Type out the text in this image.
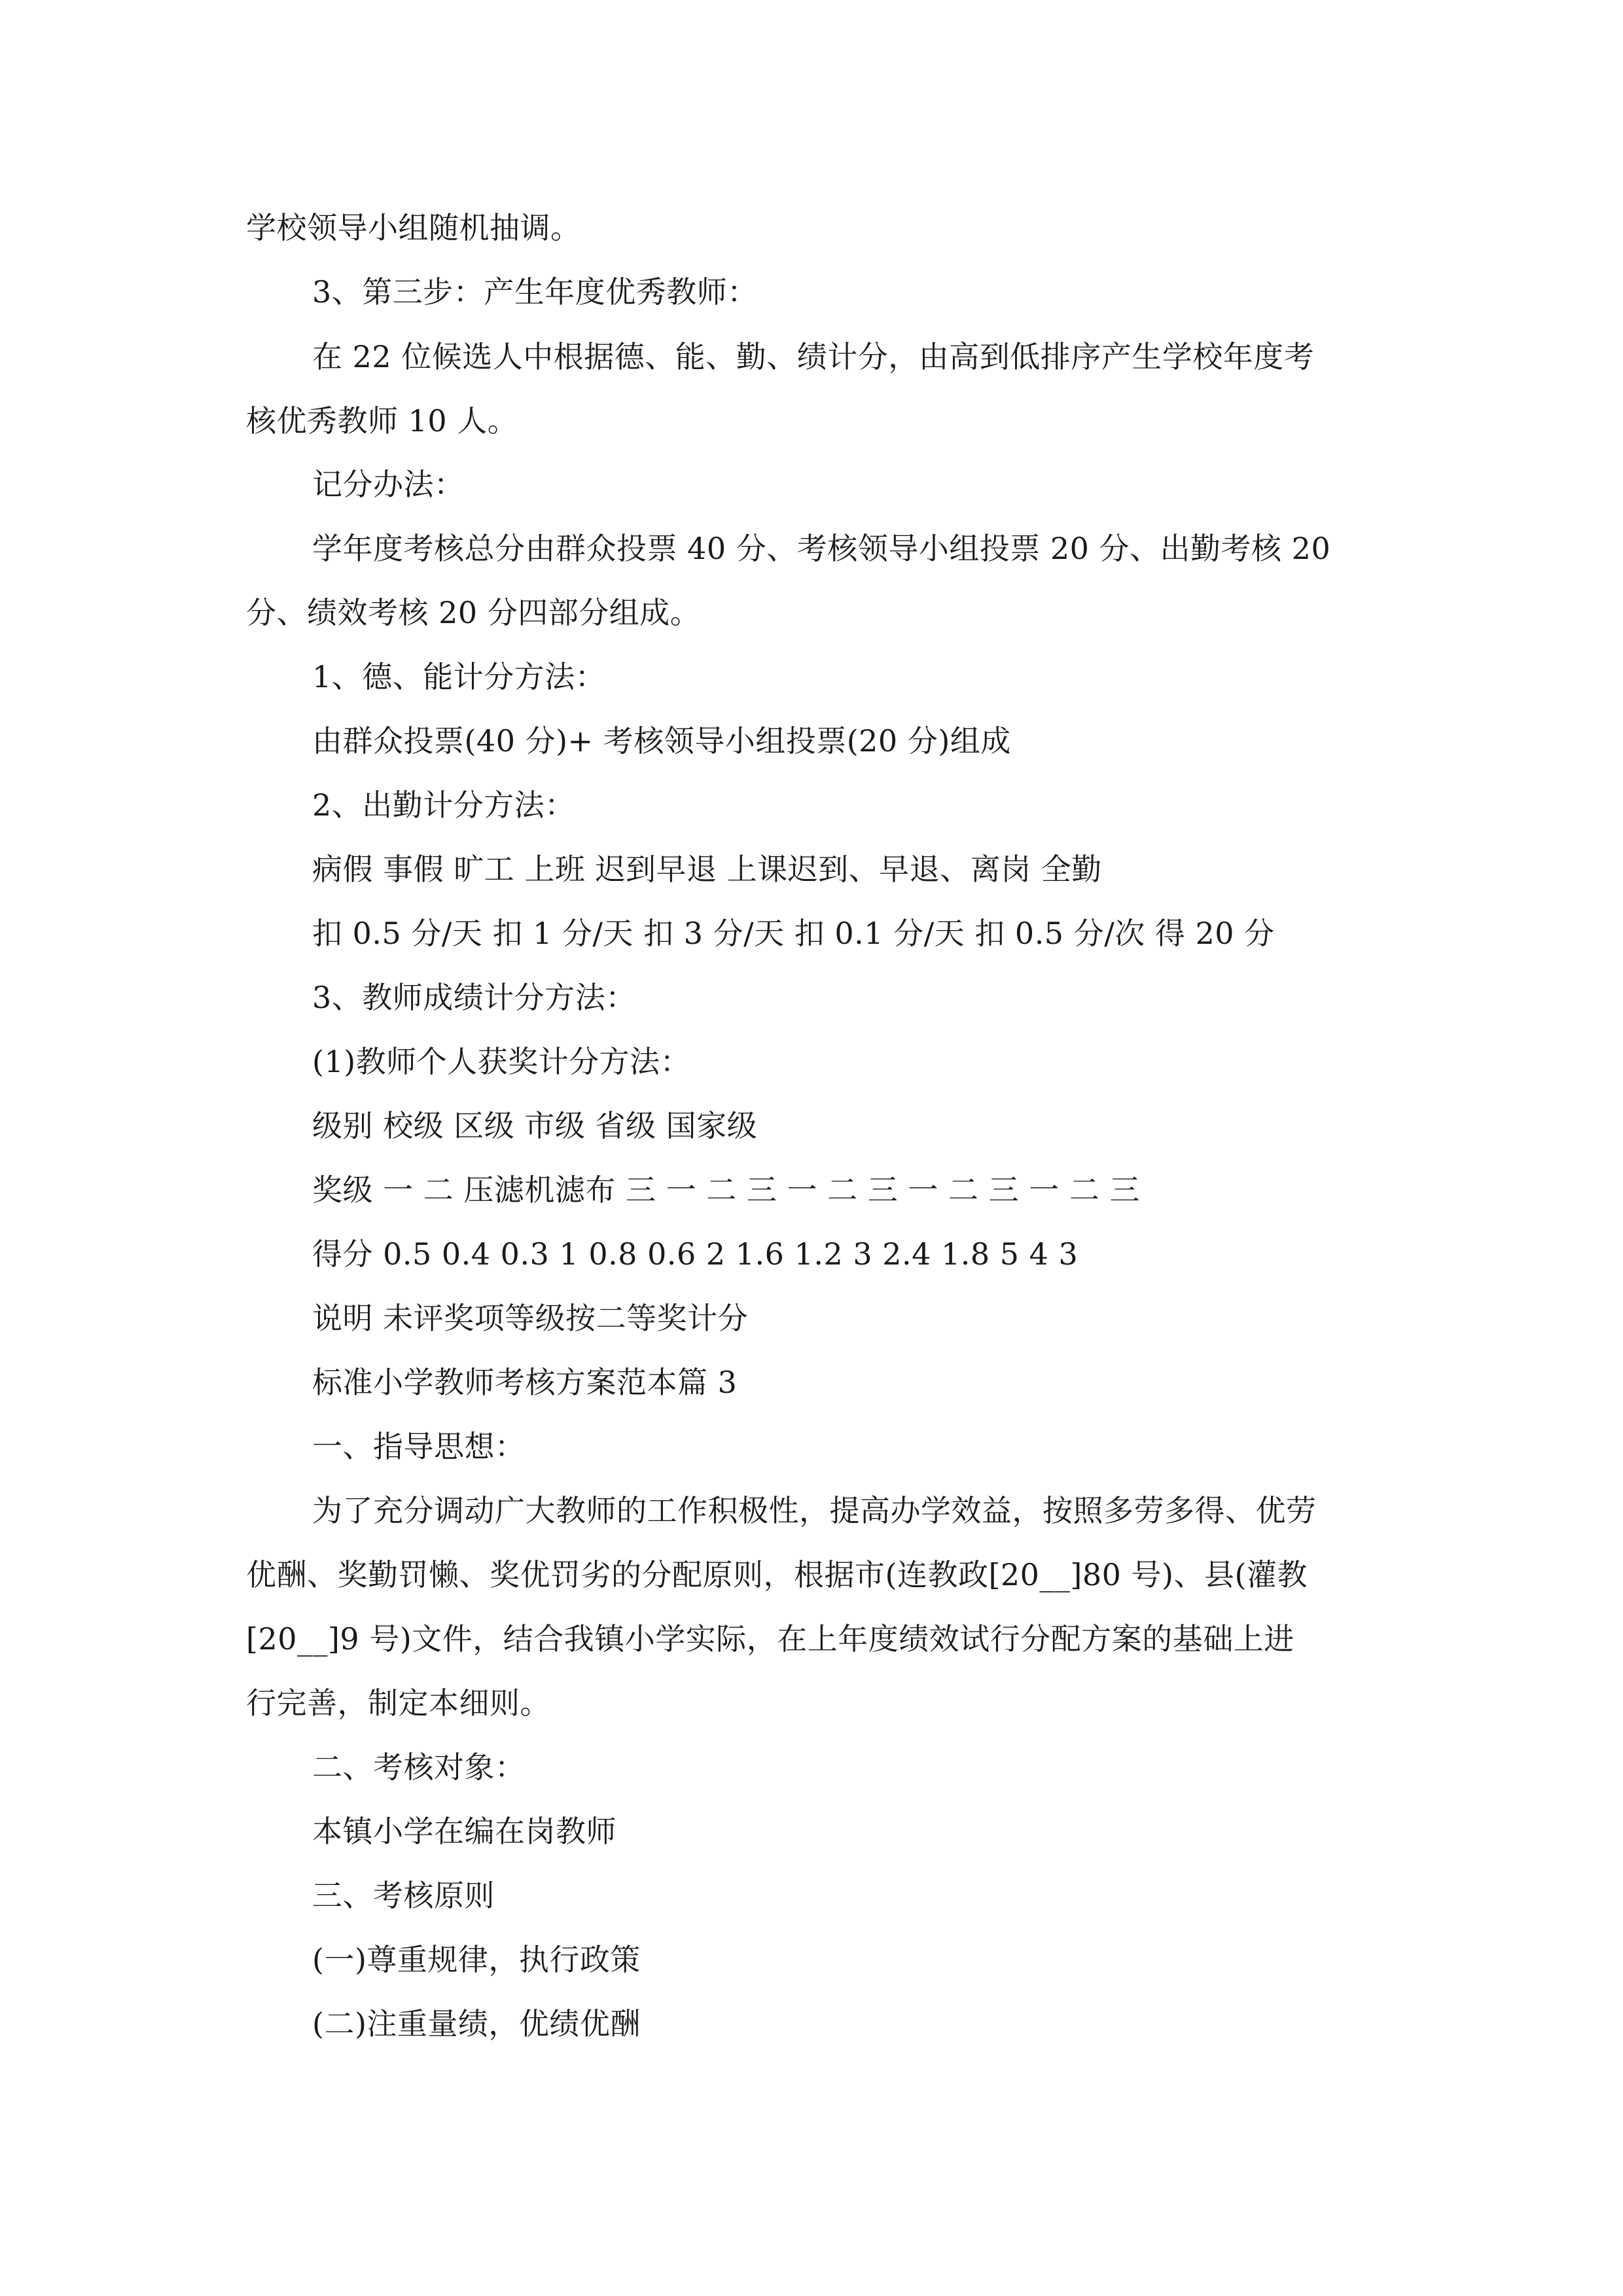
学校领导小组随机抽调。
3、第三步：产生年度优秀教师：
在 22 位候选人中根据德、能、勤、绩计分，由高到低排序产生学校年度考
核优秀教师 10 人。
记分办法：
学年度考核总分由群众投票 40 分、考核领导小组投票 20 分、出勤考核 20
分、绩效考核 20 分四部分组成。
1、德、能计分方法：
由群众投票(40 分)+ 考核领导小组投票(20 分)组成
2、出勤计分方法：
病假 事假 旷工 上班 迟到早退 上课迟到、早退、离岗 全勤
扣 0.5 分/天 扣 1 分/天 扣 3 分/天 扣 0.1 分/天 扣 0.5 分/次 得 20 分
3、教师成绩计分方法：
(1)教师个人获奖计分方法：
级别 校级 区级 市级 省级 国家级
奖级 一 二 压滤机滤布 三 一 二 三 一 二 三 一 二 三 一 二 三
得分 0.5 0.4 0.3 1 0.8 0.6 2 1.6 1.2 3 2.4 1.8 5 4 3
说明 未评奖项等级按二等奖计分
标准小学教师考核方案范本篇 3
一、指导思想：
为了充分调动广大教师的工作积极性，提高办学效益，按照多劳多得、优劳
优酬、奖勤罚懒、奖优罚劣的分配原则，根据市(连教政[20__]80 号)、县(灌教
[20__]9 号)文件，结合我镇小学实际，在上年度绩效试行分配方案的基础上进
行完善，制定本细则。
二、考核对象：
本镇小学在编在岗教师
三、考核原则
(一)尊重规律，执行政策
(二)注重量绩，优绩优酬
